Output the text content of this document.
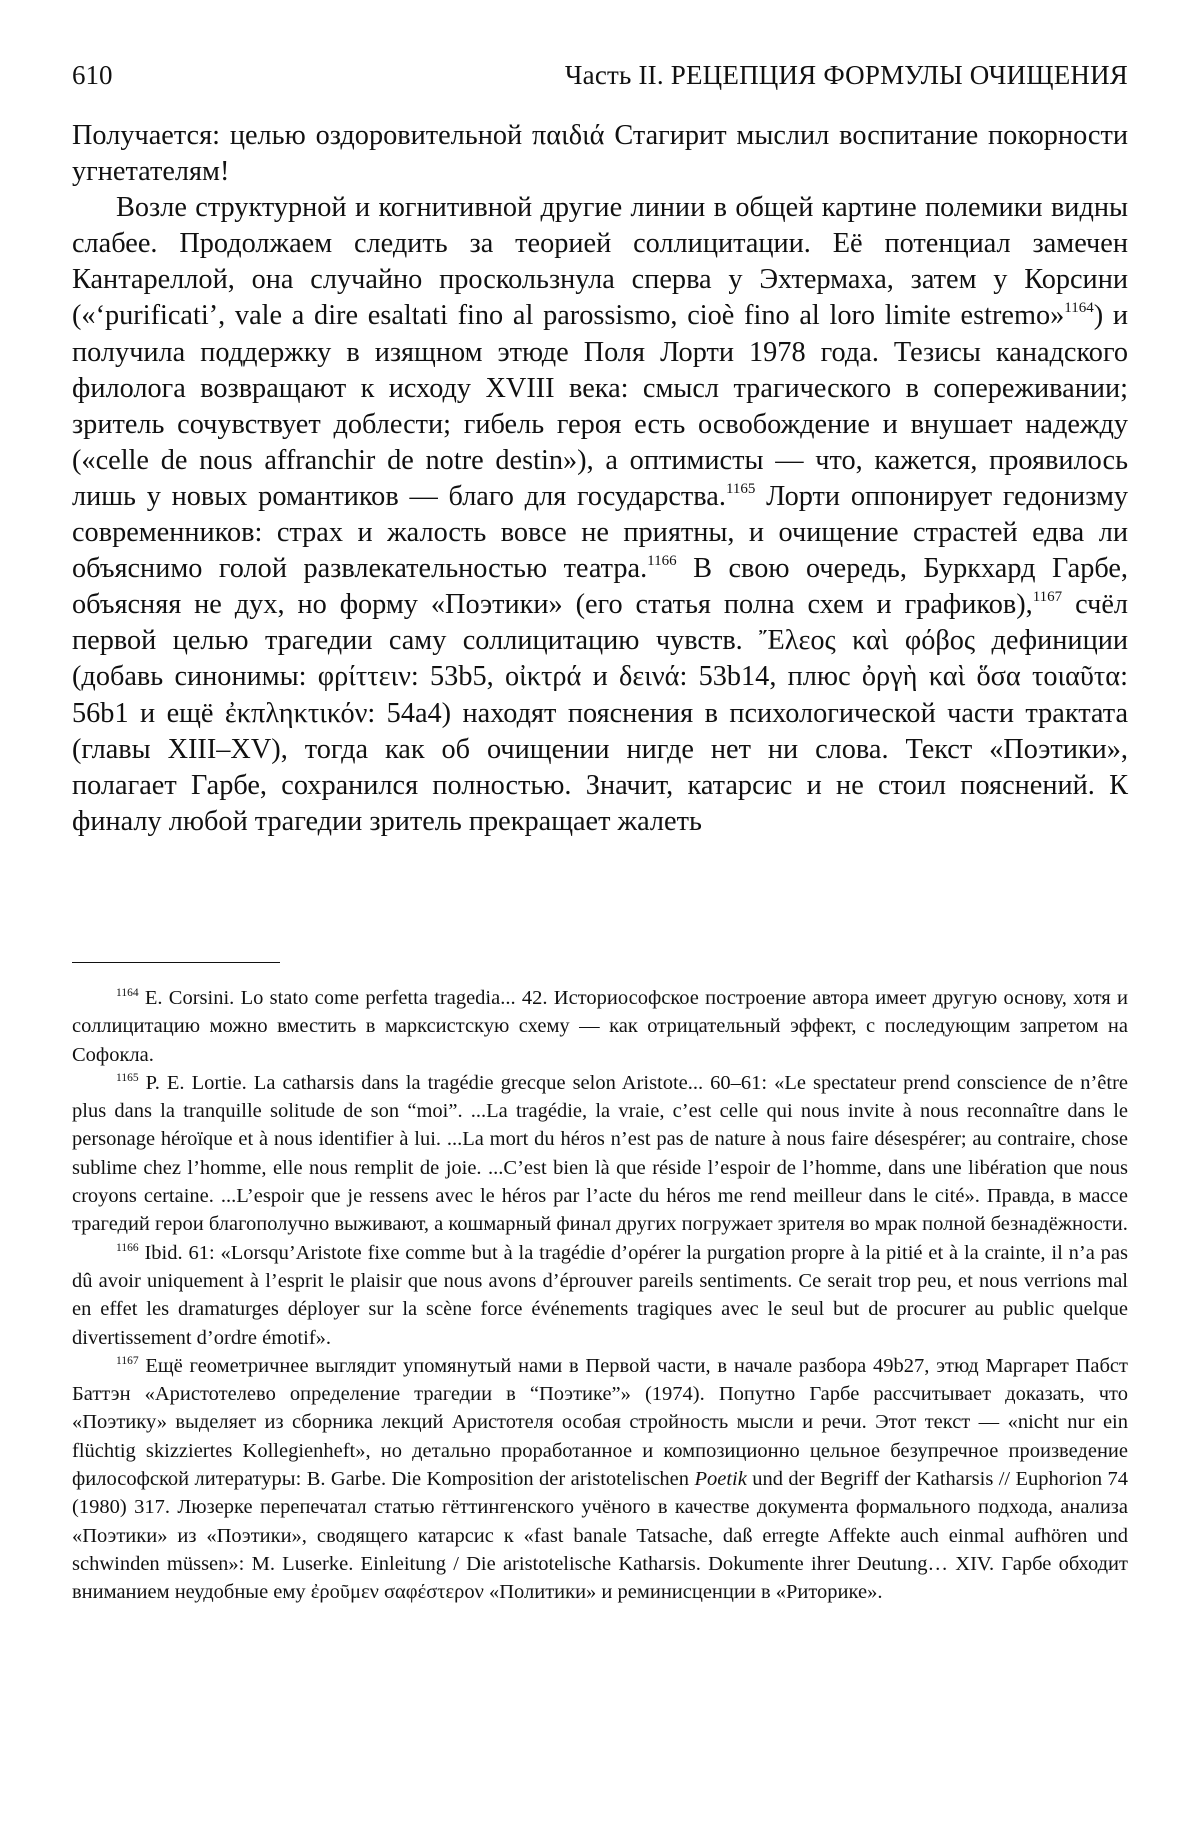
610	Часть II. РЕЦЕПЦИЯ ФОРМУЛЫ ОЧИЩЕНИЯ

Получается: целью оздоровительной παιδιά Стагирит мыслил воспитание покорности угнетателям!

Возле структурной и когнитивной другие линии в общей картине полемики видны слабее. Продолжаем следить за теорией соллицитации. Её потенциал замечен Кантареллой, она случайно проскользнула сперва у Эхтермаха, затем у Корсини («‘purificati’, vale a dire esaltati fino al parossismo, cioè fino al loro limite estremo»$^{1164}$) и получила поддержку в изящном этюде Поля Лорти 1978 года. Тезисы канадского филолога возвращают к исходу XVIII века: смысл трагического в сопереживании; зритель сочувствует доблести; гибель героя есть освобождение и внушает надежду («celle de nous affranchir de notre destin»), а оптимисты — что, кажется, проявилось лишь у новых романтиков — благо для государства.$^{1165}$ Лорти оппонирует гедонизму современников: страх и жалость вовсе не приятны, и очищение страстей едва ли объяснимо голой развлекательностью театра.$^{1166}$ В свою очередь, Буркхард Гарбе, объясняя не дух, но форму «Поэтики» (его статья полна схем и графиков),$^{1167}$ счёл первой целью трагедии саму соллицитацию чувств. Ἔλεος καὶ φόβος дефиниции (добавь синонимы: φρίττειν: 53b5, οἰκτρά и δεινά: 53b14, плюс ὀργὴ καὶ ὅσα τοιαῦτα: 56b1 и ещё ἐκπληκτικόν: 54a4) находят пояснения в психологической части трактата (главы XIII–XV), тогда как об очищении нигде нет ни слова. Текст «Поэтики», полагает Гарбе, сохранился полностью. Значит, катарсис и не стоил пояснений. К финалу любой трагедии зритель прекращает жалеть

$^{1164}$ E. Corsini. Lo stato come perfetta tragedia... 42. Историософское построение автора имеет другую основу, хотя и соллицитацию можно вместить в марксистскую схему — как отрицательный эффект, с последующим запретом на Софокла.

$^{1165}$ P. E. Lortie. La catharsis dans la tragédie grecque selon Aristote... 60–61: «Le spectateur prend conscience de n’être plus dans la tranquille solitude de son “moi”. ...La tragédie, la vraie, c’est celle qui nous invite à nous reconnaître dans le personage héroïque et à nous identifier à lui. ...La mort du héros n’est pas de nature à nous faire désespérer; au contraire, chose sublime chez l’homme, elle nous remplit de joie. ...C’est bien là que réside l’espoir de l’homme, dans une libération que nous croyons certaine. ...L’espoir que je ressens avec le héros par l’acte du héros me rend meilleur dans le cité». Правда, в массе трагедий герои благополучно выживают, а кошмарный финал других погружает зрителя во мрак полной безнадёжности.

$^{1166}$ Ibid. 61: «Lorsqu’Aristote fixe comme but à la tragédie d’opérer la purgation propre à la pitié et à la crainte, il n’a pas dû avoir uniquement à l’esprit le plaisir que nous avons d’éprouver pareils sentiments. Ce serait trop peu, et nous verrions mal en effet les dramaturges déployer sur la scène force événements tragiques avec le seul but de procurer au public quelque divertissement d’ordre émotif».

$^{1167}$ Ещё геометричнее выглядит упомянутый нами в Первой части, в начале разбора 49b27, этюд Маргарет Пабст Баттэн «Аристотелево определение трагедии в “Поэтике”» (1974). Попутно Гарбе рассчитывает доказать, что «Поэтику» выделяет из сборника лекций Аристотеля особая стройность мысли и речи. Этот текст — «nicht nur ein flüchtig skizziertes Kollegienheft», но детально проработанное и композиционно цельное безупречное произведение философской литературы: B. Garbe. Die Komposition der aristotelischen Poetik und der Begriff der Katharsis // Euphorion 74 (1980) 317. Люзерке перепечатал статью гёттингенского учёного в качестве документа формального подхода, анализа «Поэтики» из «Поэтики», сводящего катарсис к «fast banale Tatsache, daß erregte Affekte auch einmal aufhören und schwinden müssen»: M. Luserke. Einleitung / Die aristotelische Katharsis. Dokumente ihrer Deutung… XIV. Гарбе обходит вниманием неудобные ему ἐροῦμεν σαφέστερον «Политики» и реминисценции в «Риторике».
